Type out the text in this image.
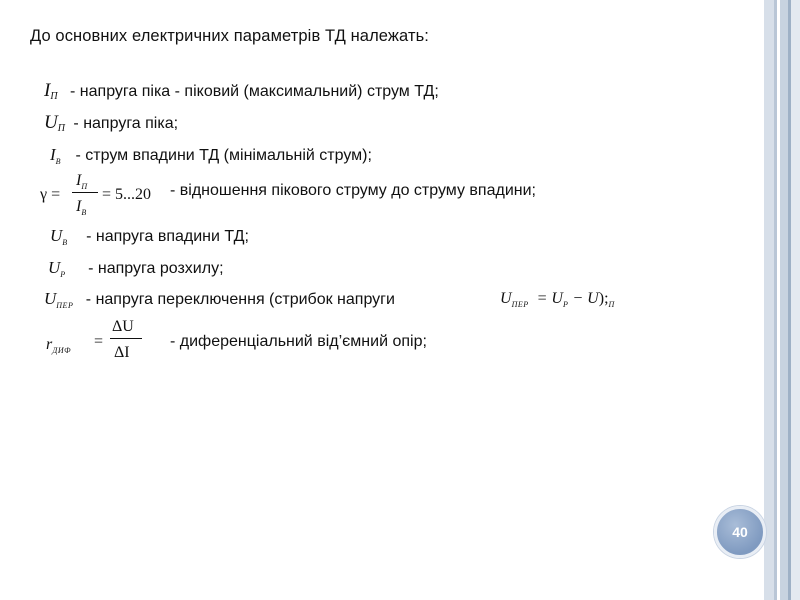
До основних електричних параметрів ТД належать:
IП - напруга піка - піковий (максимальний) струм ТД;
UП - напруга піка;
$I_В$ - струм впадини ТД (мінімальній струм);
γ =
$I_П$
$I_В$
= 5...20 - відношення пікового струму до струму впадини;
$U_В$ - напруга впадини ТД;
$U_Р$ - напруга розхилу;
$U_{ПЕР}$ - напруга переключення (стрибок напруги	$U_{ПЕР} = U_Р$ − $U);_П$
$r_{ДИФ}$
=
ΔU
ΔI
- диференціальний від’ємний опір;
40
